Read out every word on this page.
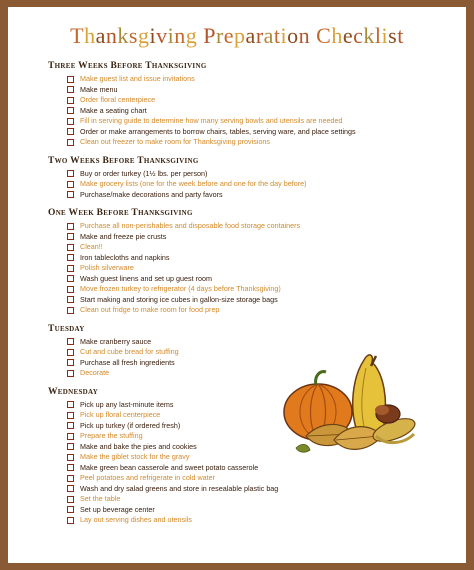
Thanksgiving Preparation Checklist
Three Weeks Before Thanksgiving
Make guest list and issue invitations
Make menu
Order floral centerpiece
Make a seating chart
Fill in serving guide to determine how many serving bowls and utensils are needed
Order or make arrangements to borrow chairs, tables, serving ware, and place settings
Clean out freezer to make room for Thanksgiving provisions
Two Weeks Before Thanksgiving
Buy or order turkey (1½ lbs. per person)
Make grocery lists (one for the week before and one for the day before)
Purchase/make decorations and party favors
One Week Before Thanksgiving
Purchase all non-perishables and disposable food storage containers
Make and freeze pie crusts
Clean!!
Iron tablecloths and napkins
Polish silverware
Wash guest linens and set up guest room
Move frozen turkey to refrigerator (4 days before Thanksgiving)
Start making and storing ice cubes in gallon-size storage bags
Clean out fridge to make room for food prep
Tuesday
Make cranberry sauce
Cut and cube bread for stuffing
Purchase all fresh ingredients
Decorate
Wednesday
Pick up any last-minute items
Pick up floral centerpiece
Pick up turkey (if ordered fresh)
Prepare the stuffing
Make and bake the pies and cookies
Make the giblet stock for the gravy
Make green bean casserole and sweet potato casserole
Peel potatoes and refrigerate in cold water
Wash and dry salad greens and store in resealable plastic bag
Set the table
Set up beverage center
Lay out serving dishes and utensils
